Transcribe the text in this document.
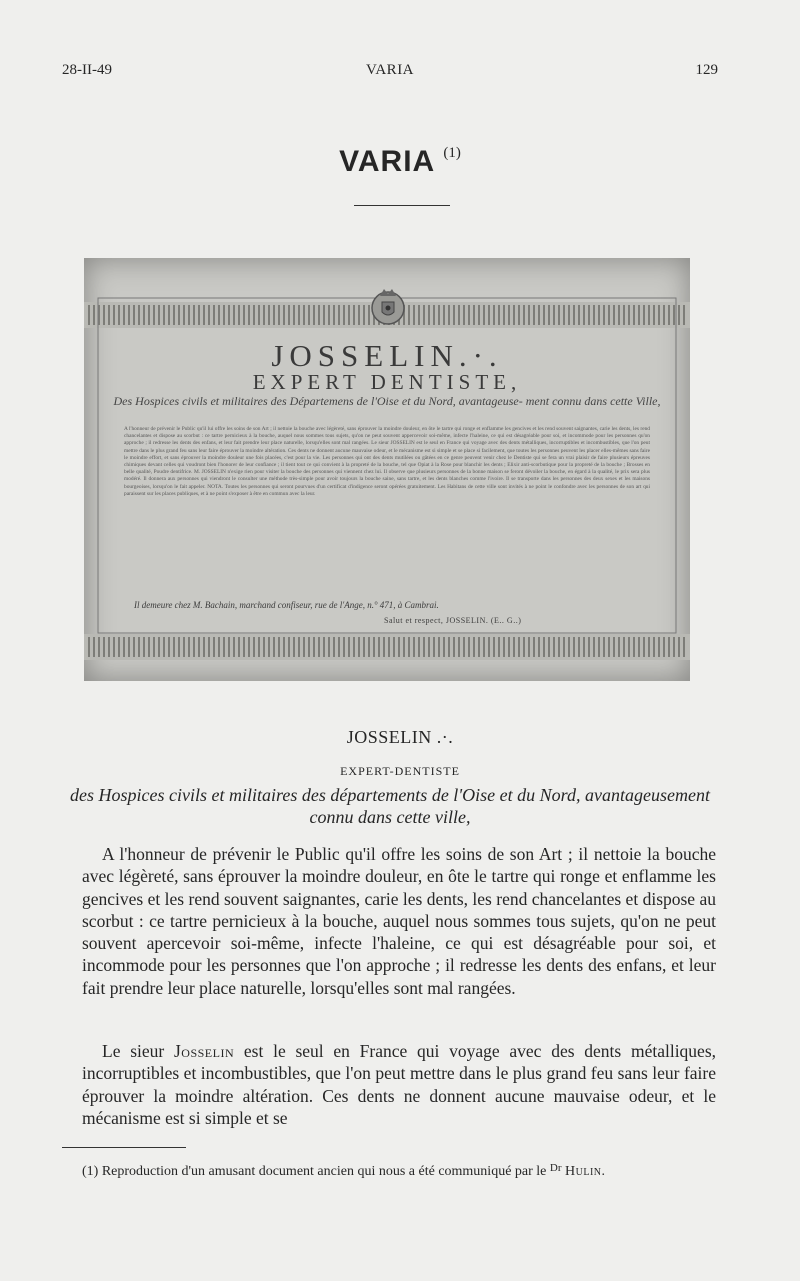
28-II-49	VARIA	129
VARIA $^{(1)}$
JOSSELIN.·.
EXPERT DENTISTE,
Des Hospices civils et militaires des Départemens de l'Oise et du Nord, avantageuse- ment connu dans cette Ville,
A l'honneur de prévenir le Public qu'il lui offre les soins de son Art ; il nettoie la bouche avec légèreté, sans éprouver la moindre douleur, en ôte le tartre qui ronge et enflamme les gencives et les rend souvent saignantes, carie les dents, les rend chancelantes et dispose au scorbut : ce tartre pernicieux à la bouche, auquel nous sommes tous sujets, qu'on ne peut souvent appercevoir soi-même, infecte l'haleine, ce qui est désagréable pour soi, et incommode pour les personnes qu'on approche ; il redresse les dents des enfans, et leur fait prendre leur place naturelle, lorsqu'elles sont mal rangées. Le sieur JOSSELIN est le seul en France qui voyage avec des dents métalliques, incorruptibles et incombustibles, que l'on peut mettre dans le plus grand feu sans leur faire éprouver la moindre altération. Ces dents ne donnent aucune mauvaise odeur, et le mécanisme est si simple et se place si facilement, que toutes les personnes peuvent les placer elles-mêmes sans faire le moindre effort, et sans éprouver la moindre douleur une fois placées, c'est pour la vie. Les personnes qui ont des dents mutilées ou gâtées en ce genre peuvent venir chez le Dentiste qui se fera un vrai plaisir de faire plusieurs épreuves chimiques devant celles qui voudront bien l'honorer de leur confiance ; il tient tout ce qui convient à la propreté de la bouche, tel que Opiat à la Rose pour blanchir les dents ; Elixir anti-scorbutique pour la propreté de la bouche ; Brosses en belle qualité, Poudre dentifrice. M. JOSSELIN n'exige rien pour visiter la bouche des personnes qui viennent chez lui. Il observe que plusieurs personnes de la bonne maison se feront dévoiler la bouche, en égard à la qualité, le prix sera plus modéré. Il donnera aux personnes qui viendront le consulter une méthode très-simple pour avoir toujours la bouche saine, sans tartre, et les dents blanches comme l'ivoire. Il se transporte dans les personnes des deux sexes et les maisons bourgeoises, lorsqu'on le fait appeler. NOTA. Toutes les personnes qui seront pourvues d'un certificat d'indigence seront opérées gratuitement. Les Habitans de cette ville sont invités à ne point le confondre avec les personnes de son art qui paraissent sur les places publiques, et à ne point s'exposer à être en commun avec la leur.
Il demeure chez M. Bachain, marchand confiseur, rue de l'Ange, n.° 471, à Cambrai.
Salut et respect, JOSSELIN. (E.. G..)
JOSSELIN .·.
EXPERT-DENTISTE
des Hospices civils et militaires des départements de l'Oise et du Nord, avantageusement connu dans cette ville,

A l'honneur de prévenir le Public qu'il offre les soins de son Art ; il nettoie la bouche avec légèreté, sans éprouver la moindre douleur, en ôte le tartre qui ronge et enflamme les gencives et les rend souvent saignantes, carie les dents, les rend chancelantes et dispose au scorbut : ce tartre pernicieux à la bouche, auquel nous sommes tous sujets, qu'on ne peut souvent apercevoir soi-même, infecte l'haleine, ce qui est désagréable pour soi, et incommode pour les personnes que l'on approche ; il redresse les dents des enfans, et leur fait prendre leur place naturelle, lorsqu'elles sont mal rangées.

Le sieur Josselin est le seul en France qui voyage avec des dents métalliques, incorruptibles et incombustibles, que l'on peut mettre dans le plus grand feu sans leur faire éprouver la moindre altération. Ces dents ne donnent aucune mauvaise odeur, et le mécanisme est si simple et se

(1) Reproduction d'un amusant document ancien qui nous a été communiqué par le $^{Dr}$ Hulin.
